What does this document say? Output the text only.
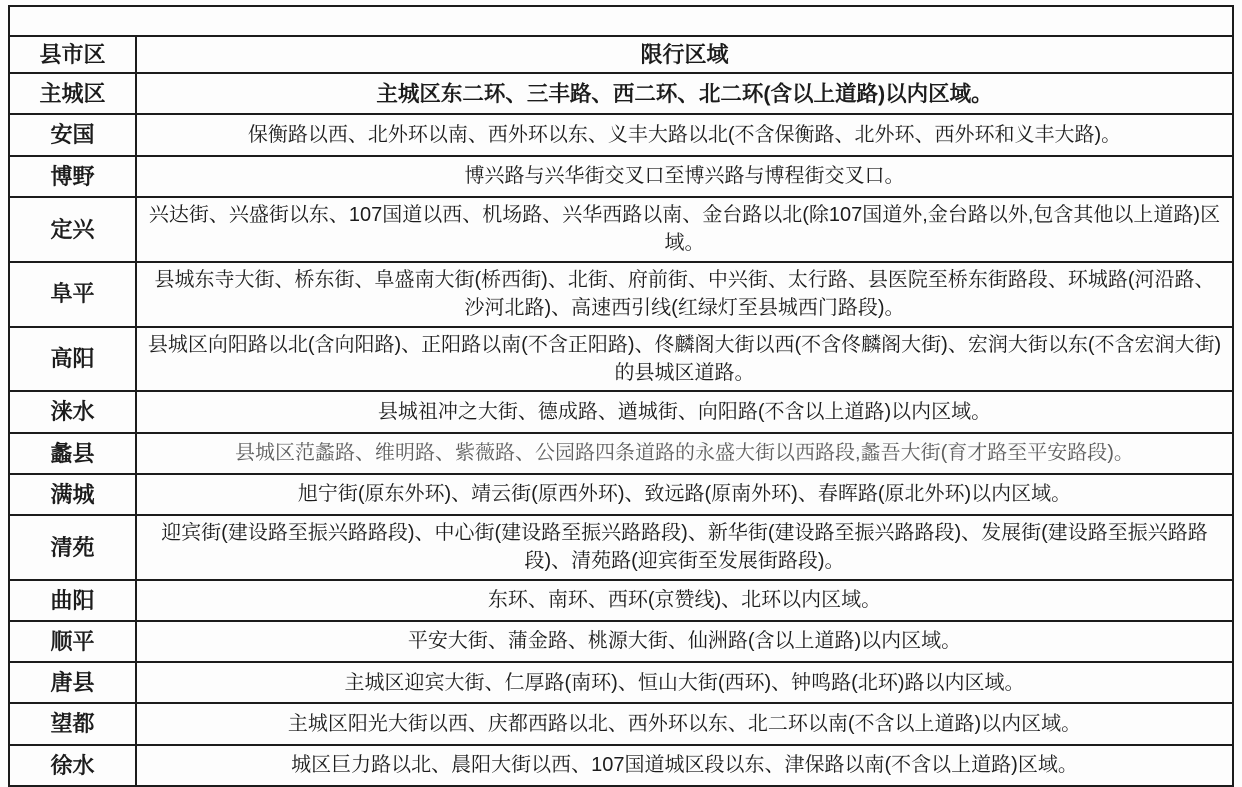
县市区	限行区域
主城区	主城区东二环、三丰路、西二环、北二环(含以上道路)以内区域。
安国	保衡路以西、北外环以南、西外环以东、义丰大路以北(不含保衡路、北外环、西外环和义丰大路)。
博野	博兴路与兴华街交叉口至博兴路与博程街交叉口。
定兴	兴达街、兴盛街以东、107国道以西、机场路、兴华西路以南、金台路以北(除107国道外,金台路以外,包含其他以上道路)区域。
阜平	县城东寺大街、桥东街、阜盛南大街(桥西街)、北街、府前街、中兴街、太行路、县医院至桥东街路段、环城路(河沿路、沙河北路)、高速西引线(红绿灯至县城西门路段)。
高阳	县城区向阳路以北(含向阳路)、正阳路以南(不含正阳路)、佟麟阁大街以西(不含佟麟阁大街)、宏润大街以东(不含宏润大街)的县城区道路。
涞水	县城祖冲之大街、德成路、遒城街、向阳路(不含以上道路)以内区域。
蠡县	县城区范蠡路、维明路、紫薇路、公园路四条道路的永盛大街以西路段,蠡吾大街(育才路至平安路段)。
满城	旭宁街(原东外环)、靖云街(原西外环)、致远路(原南外环)、春晖路(原北外环)以内区域。
清苑	迎宾街(建设路至振兴路路段)、中心街(建设路至振兴路路段)、新华街(建设路至振兴路路段)、发展街(建设路至振兴路路段)、清苑路(迎宾街至发展街路段)。
曲阳	东环、南环、西环(京赞线)、北环以内区域。
顺平	平安大街、蒲金路、桃源大街、仙洲路(含以上道路)以内区域。
唐县	主城区迎宾大街、仁厚路(南环)、恒山大街(西环)、钟鸣路(北环)路以内区域。
望都	主城区阳光大街以西、庆都西路以北、西外环以东、北二环以南(不含以上道路)以内区域。
徐水	城区巨力路以北、晨阳大街以西、107国道城区段以东、津保路以南(不含以上道路)区域。
